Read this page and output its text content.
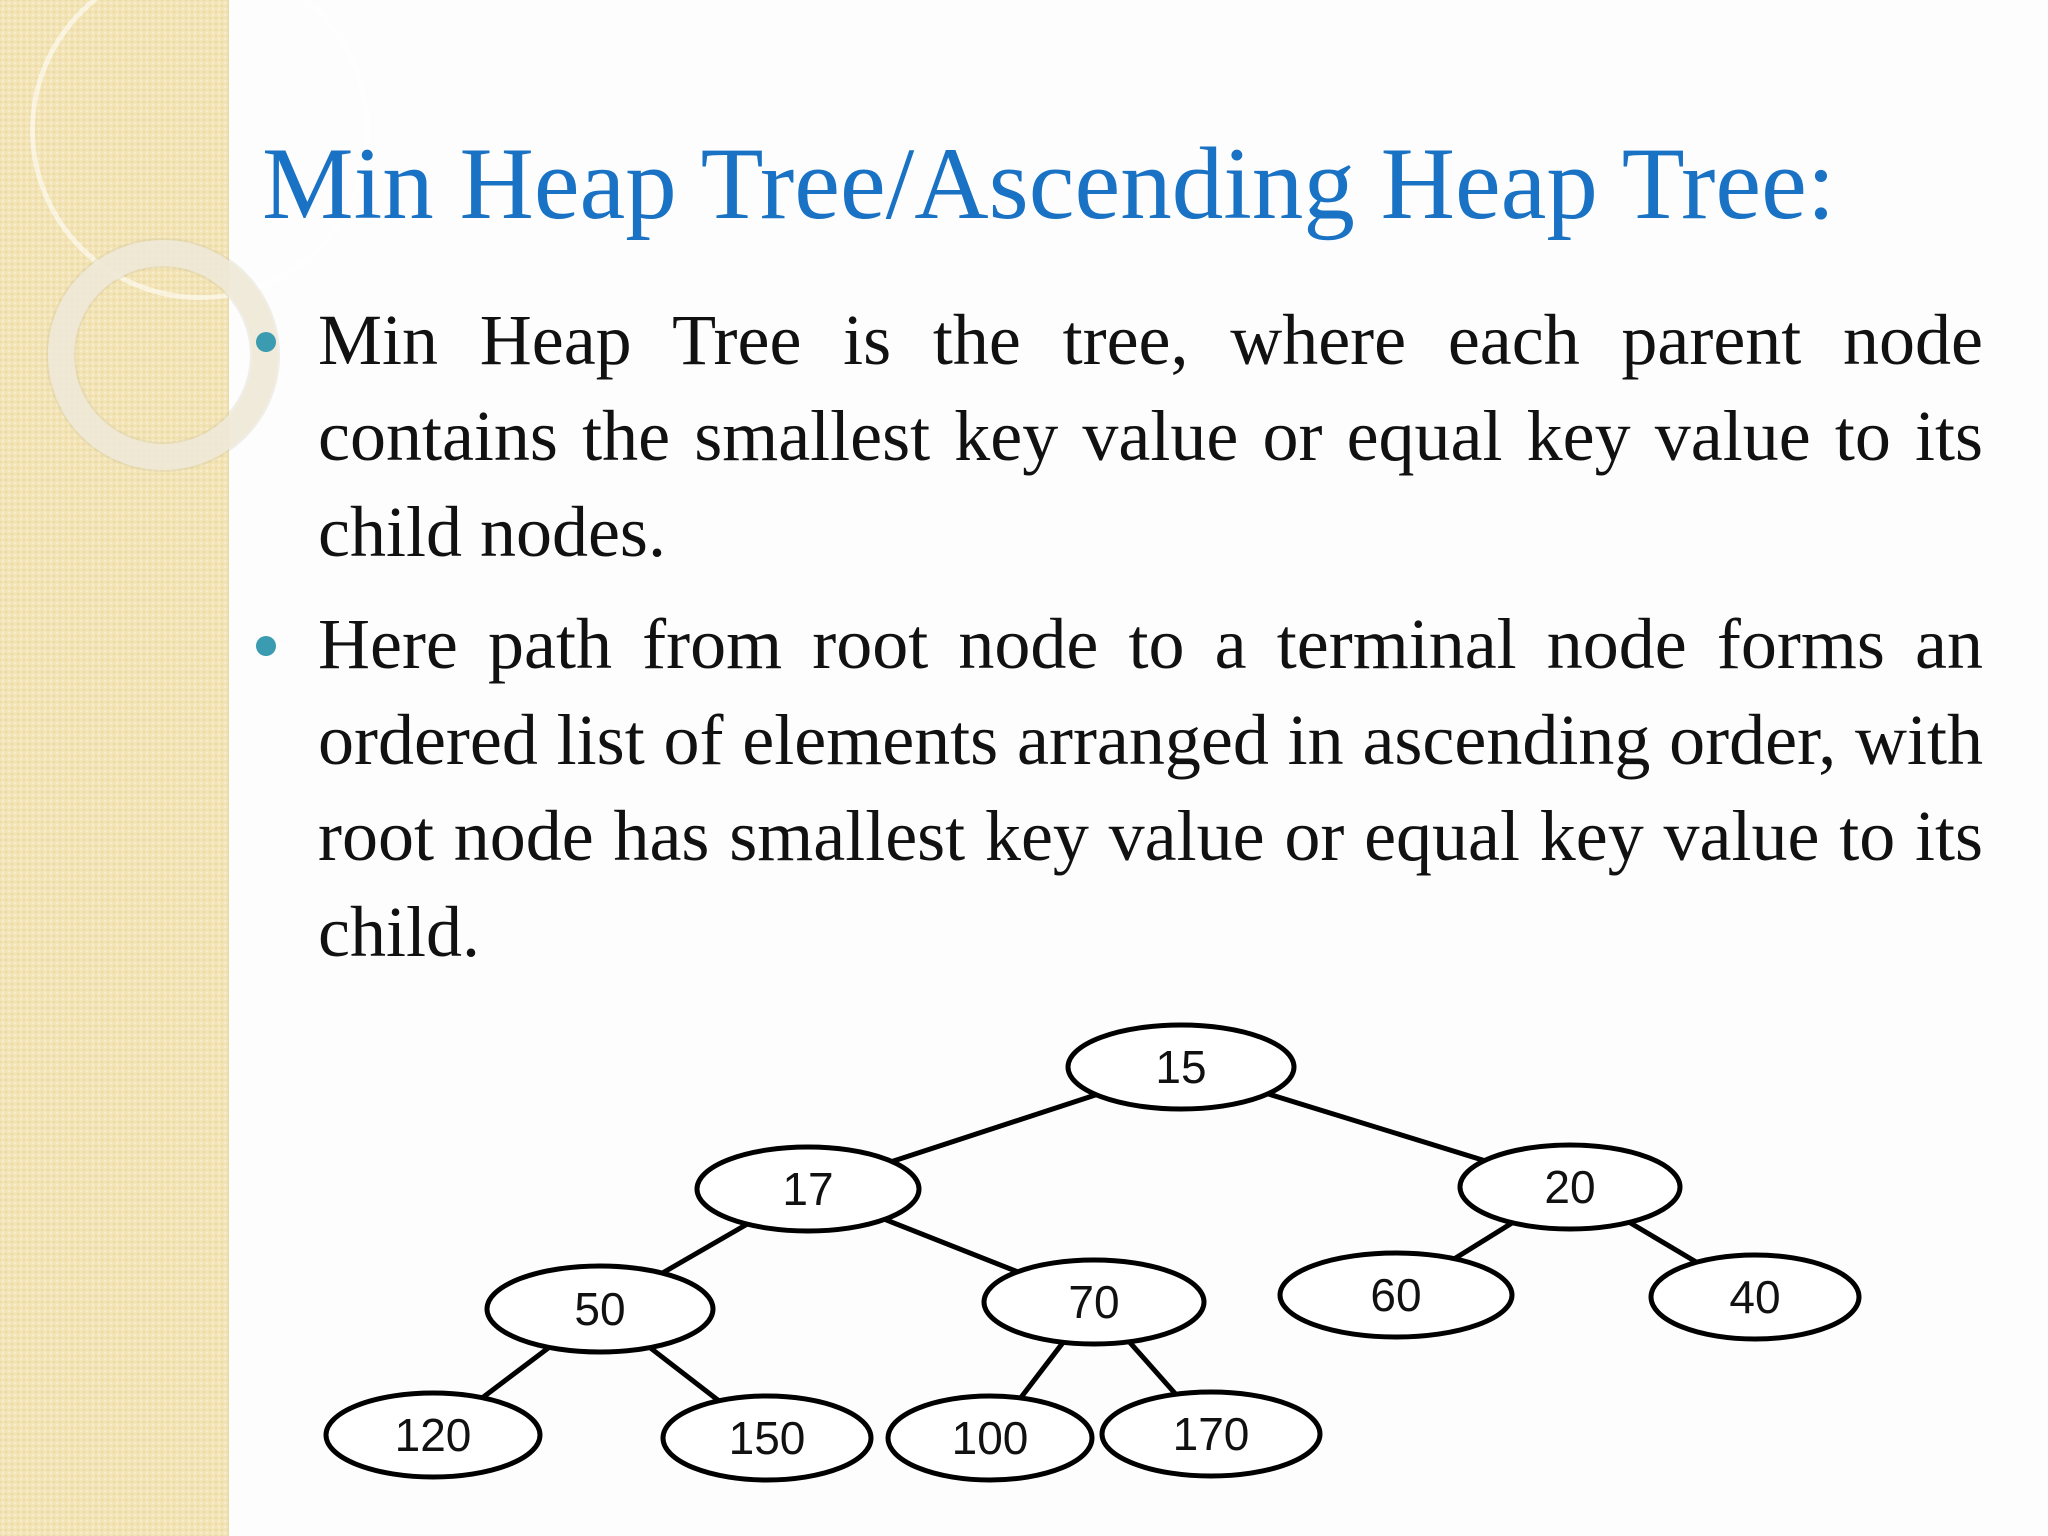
Min Heap Tree/Ascending Heap Tree:
Min Heap Tree is the tree, where each parent node contains the smallest key value or equal key value to its child nodes.
Here path from root node to a terminal node forms an ordered list of elements arranged in ascending order, with root node has smallest key value or equal key value to its child.
15
17	20
50	70	60	40
120	150	100	170
